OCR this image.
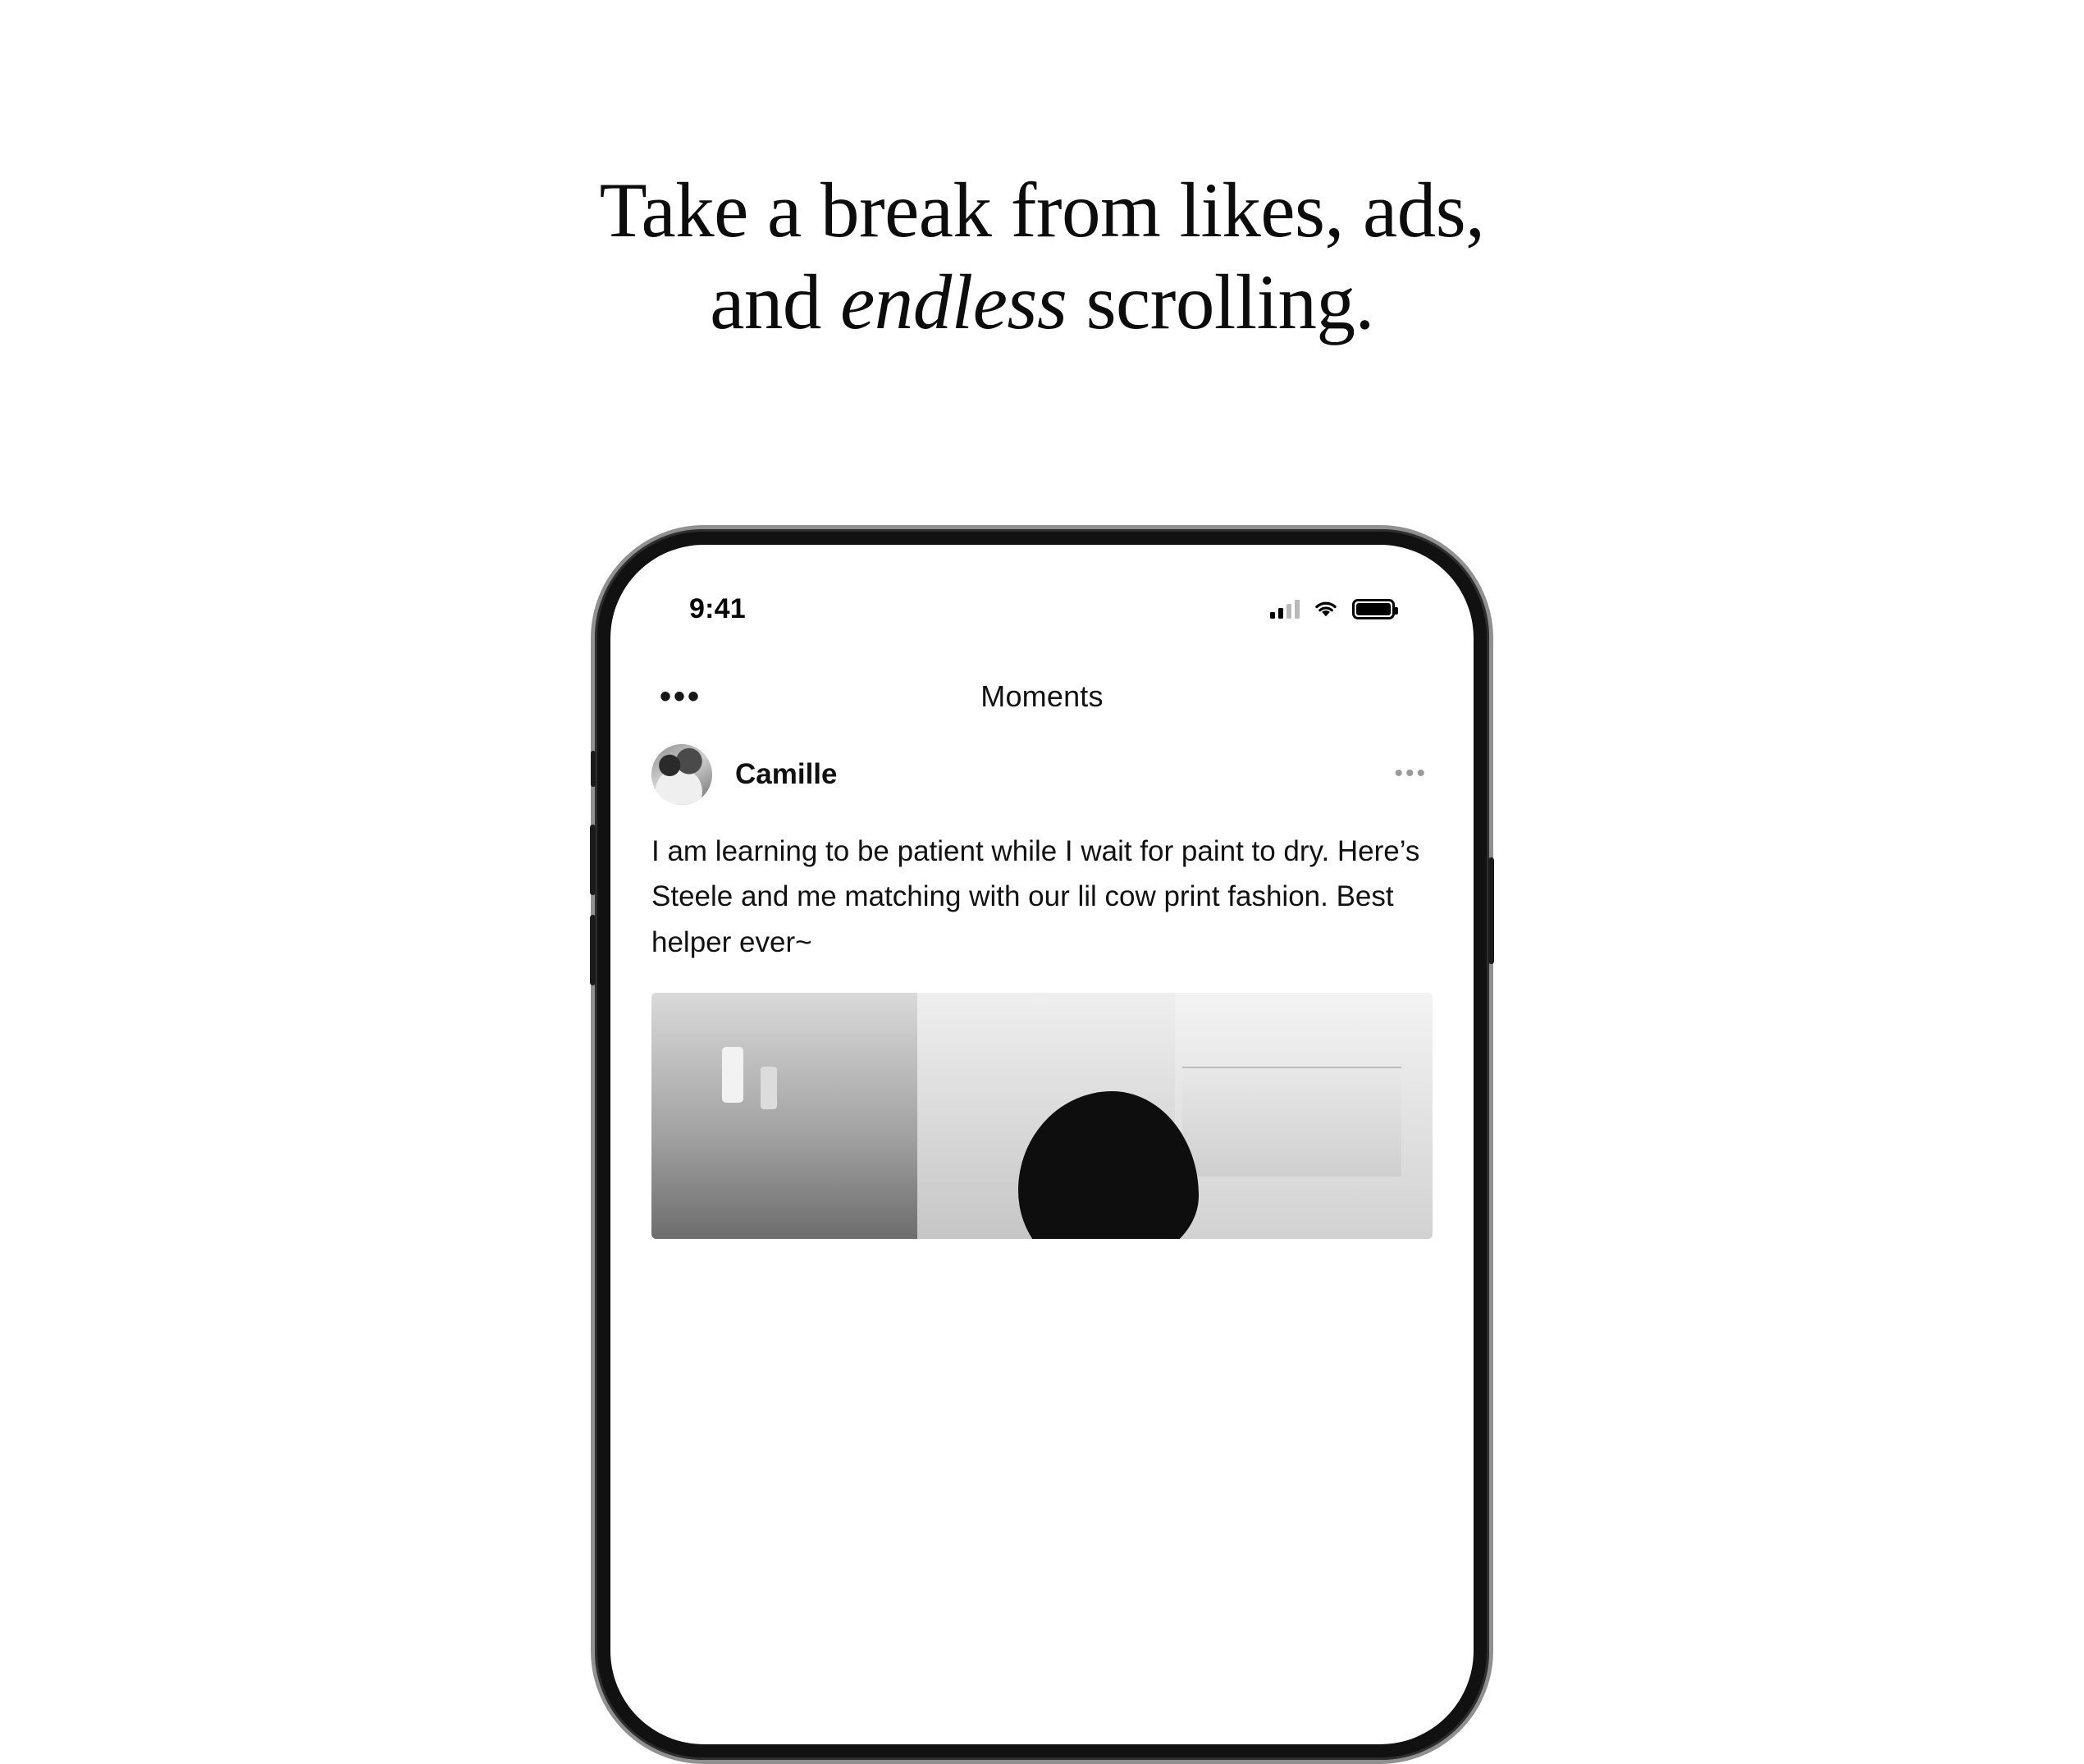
Take a break from likes, ads,
and endless scrolling.
9:41
•••	Moments
Camille	•••
I am learning to be patient while I wait for paint to dry. Here’s Steele and me matching with our lil cow print fashion. Best helper ever~
